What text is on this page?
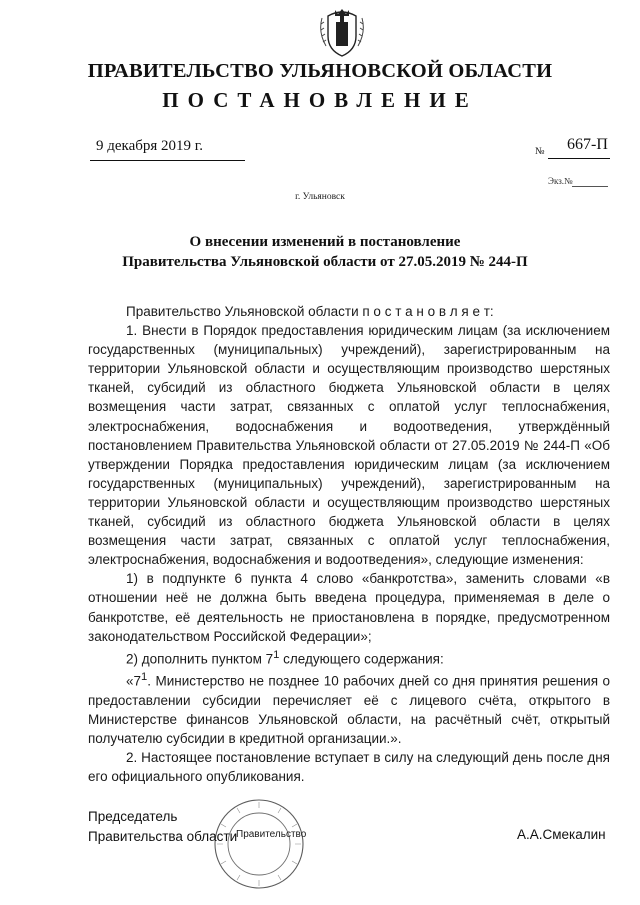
ПРАВИТЕЛЬСТВО УЛЬЯНОВСКОЙ ОБЛАСТИ
ПОСТАНОВЛЕНИЕ
9 декабря 2019 г.	№ 667-П
Экз.№
г. Ульяновск
О внесении изменений в постановление
Правительства Ульяновской области от 27.05.2019 № 244-П

Правительство Ульяновской области п о с т а н о в л я е т:

1. Внести в Порядок предоставления юридическим лицам (за исключением государственных (муниципальных) учреждений), зарегистрированным на территории Ульяновской области и осуществляющим производство шерстяных тканей, субсидий из областного бюджета Ульяновской области в целях возмещения части затрат, связанных с оплатой услуг теплоснабжения, электроснабжения, водоснабжения и водоотведения, утверждённый постановлением Правительства Ульяновской области от 27.05.2019 № 244-П «Об утверждении Порядка предоставления юридическим лицам (за исключением государственных (муниципальных) учреждений), зарегистрированным на территории Ульяновской области и осуществляющим производство шерстяных тканей, субсидий из областного бюджета Ульяновской области в целях возмещения части затрат, связанных с оплатой услуг теплоснабжения, электроснабжения, водоснабжения и водоотведения», следующие изменения:

1) в подпункте 6 пункта 4 слово «банкротства», заменить словами «в отношении неё не должна быть введена процедура, применяемая в деле о банкротстве, её деятельность не приостановлена в порядке, предусмотренном законодательством Российской Федерации»;

2) дополнить пунктом $7^1$ следующего содержания:

«$7^1$. Министерство не позднее 10 рабочих дней со дня принятия решения о предоставлении субсидии перечисляет её с лицевого счёта, открытого в Министерстве финансов Ульяновской области, на расчётный счёт, открытый получателю субсидии в кредитной организации.».

2. Настоящее постановление вступает в силу на следующий день после дня его официального опубликования.

Правительство
Председатель
Правительства области	А.А.Смекалин
